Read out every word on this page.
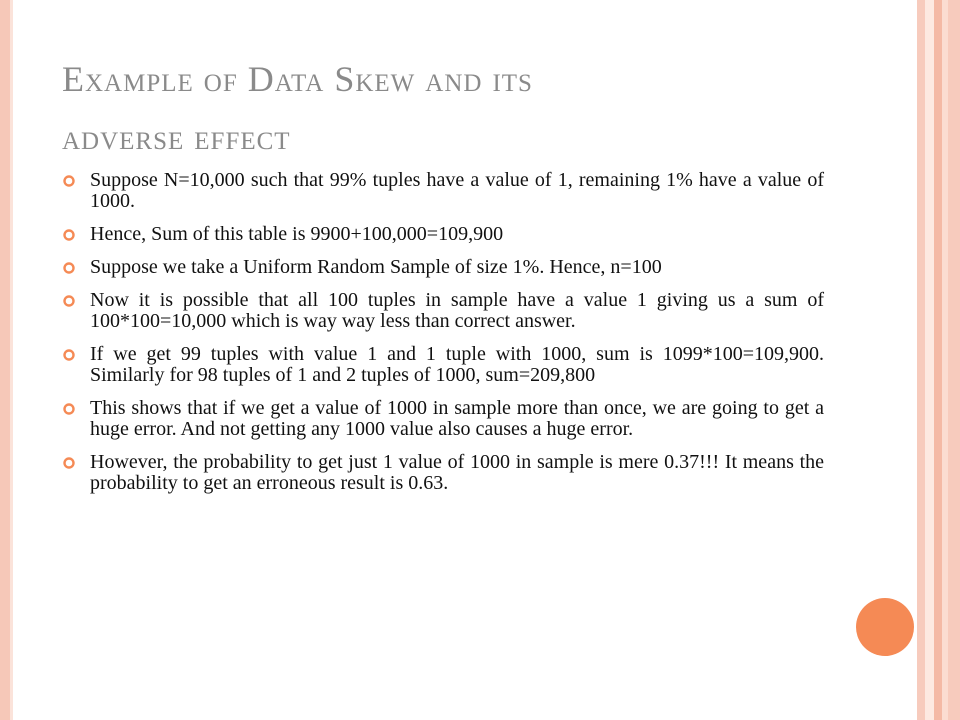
Example of Data Skew and its
adverse effect
Suppose N=10,000 such that 99% tuples have a value of 1, remaining 1% have a value of 1000.
Hence, Sum of this table is 9900+100,000=109,900
Suppose we take a Uniform Random Sample of size 1%. Hence, n=100
Now it is possible that all 100 tuples in sample have a value 1 giving us a sum of 100*100=10,000 which is way way less than correct answer.
If we get 99 tuples with value 1 and 1 tuple with 1000, sum is 1099*100=109,900. Similarly for 98 tuples of 1 and 2 tuples of 1000, sum=209,800
This shows that if we get a value of 1000 in sample more than once, we are going to get a huge error. And not getting any 1000 value also causes a huge error.
However, the probability to get just 1 value of 1000 in sample is mere 0.37!!! It means the probability to get an erroneous result is 0.63.
